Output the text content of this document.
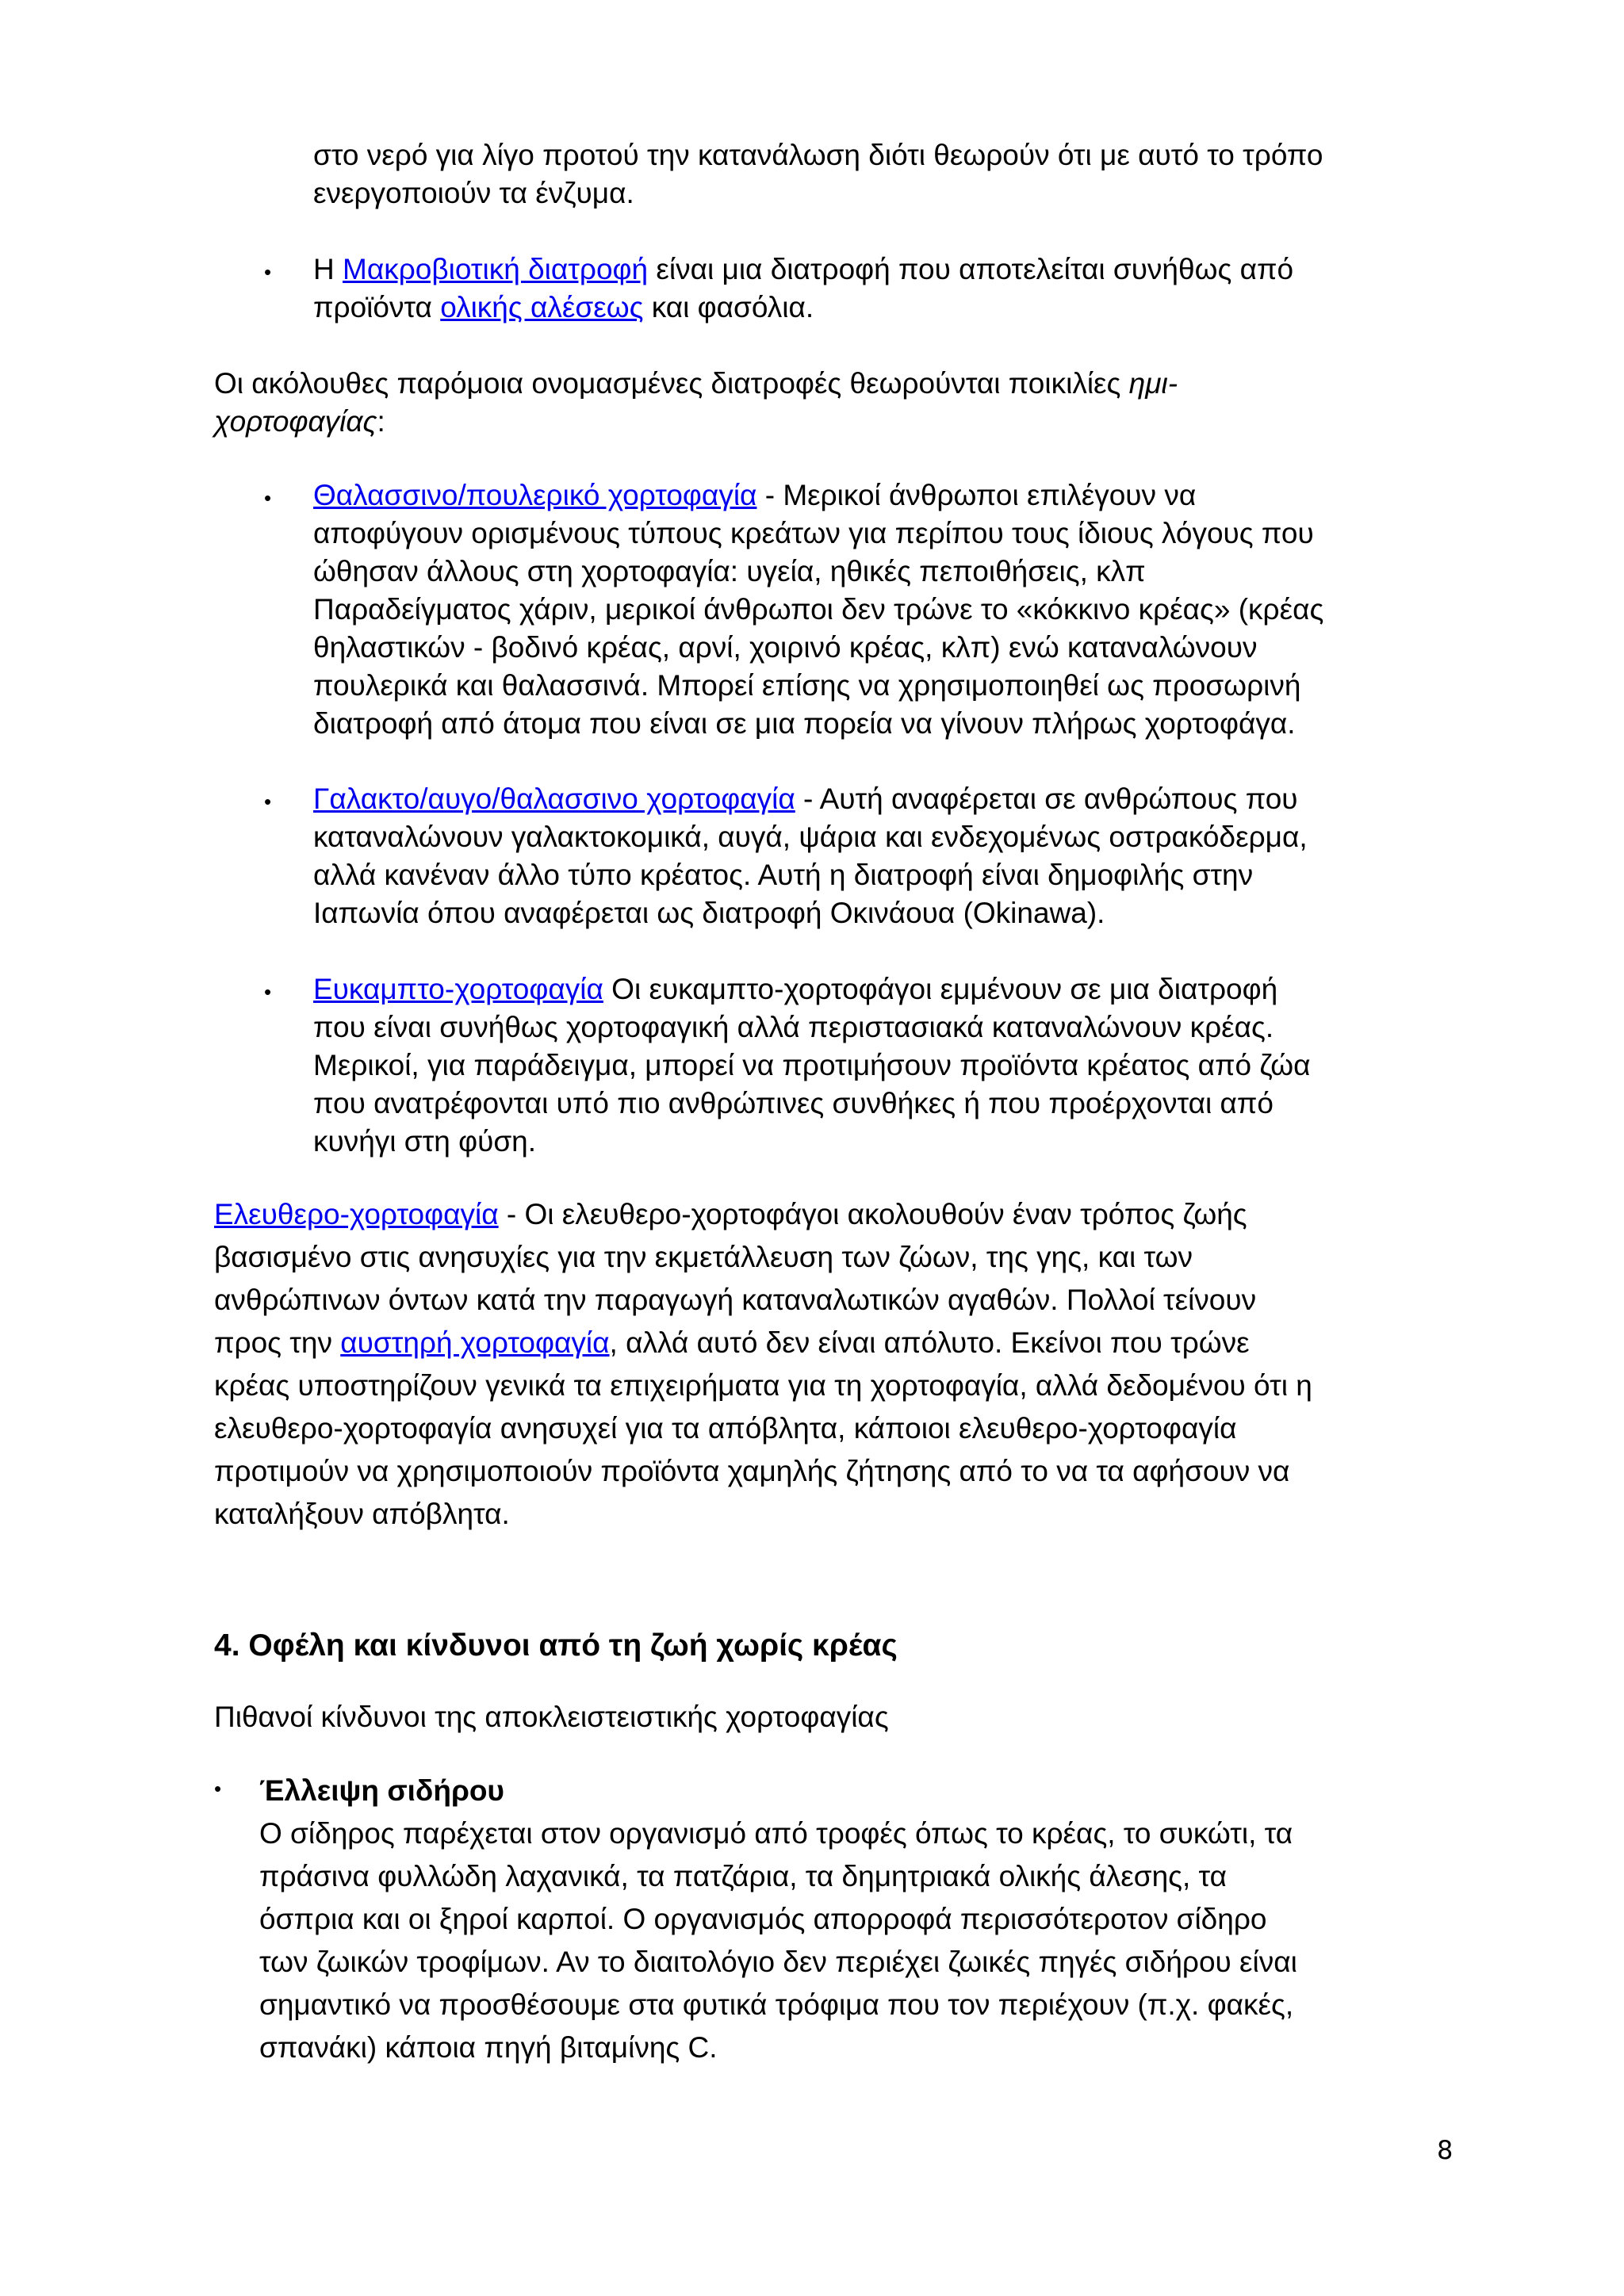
στο νερό για λίγο προτού την κατανάλωση διότι θεωρούν ότι με αυτό το τρόπο
ενεργοποιούν τα ένζυμα.
• Η Μακροβιοτική διατροφή είναι μια διατροφή που αποτελείται συνήθως από
προϊόντα ολικής αλέσεως και φασόλια.
Οι ακόλουθες παρόμοια ονομασμένες διατροφές θεωρούνται ποικιλίες ημι-
χορτοφαγίας:
• Θαλασσινο/πουλερικό χορτοφαγία - Μερικοί άνθρωποι επιλέγουν να
αποφύγουν ορισμένους τύπους κρεάτων για περίπου τους ίδιους λόγους που
ώθησαν άλλους στη χορτοφαγία: υγεία, ηθικές πεποιθήσεις, κλπ
Παραδείγματος χάριν, μερικοί άνθρωποι δεν τρώνε το «κόκκινο κρέας» (κρέας
θηλαστικών - βοδινό κρέας, αρνί, χοιρινό κρέας, κλπ) ενώ καταναλώνουν
πουλερικά και θαλασσινά. Μπορεί επίσης να χρησιμοποιηθεί ως προσωρινή
διατροφή από άτομα που είναι σε μια πορεία να γίνουν πλήρως χορτοφάγα.
• Γαλακτο/αυγο/θαλασσινο χορτοφαγία - Αυτή αναφέρεται σε ανθρώπους που
καταναλώνουν γαλακτοκομικά, αυγά, ψάρια και ενδεχομένως οστρακόδερμα,
αλλά κανέναν άλλο τύπο κρέατος. Αυτή η διατροφή είναι δημοφιλής στην
Ιαπωνία όπου αναφέρεται ως διατροφή Οκινάουα (Okinawa).
• Ευκαμπτο-χορτοφαγία Οι ευκαμπτο-χορτοφάγοι εμμένουν σε μια διατροφή
που είναι συνήθως χορτοφαγική αλλά περιστασιακά καταναλώνουν κρέας.
Μερικοί, για παράδειγμα, μπορεί να προτιμήσουν προϊόντα κρέατος από ζώα
που ανατρέφονται υπό πιο ανθρώπινες συνθήκες ή που προέρχονται από
κυνήγι στη φύση.
Ελευθερο-χορτοφαγία - Οι ελευθερο-χορτοφάγοι ακολουθούν έναν τρόπος ζωής
βασισμένο στις ανησυχίες για την εκμετάλλευση των ζώων, της γης, και των
ανθρώπινων όντων κατά την παραγωγή καταναλωτικών αγαθών. Πολλοί τείνουν
προς την αυστηρή χορτοφαγία, αλλά αυτό δεν είναι απόλυτο. Εκείνοι που τρώνε
κρέας υποστηρίζουν γενικά τα επιχειρήματα για τη χορτοφαγία, αλλά δεδομένου ότι η
ελευθερο-χορτοφαγία ανησυχεί για τα απόβλητα, κάποιοι ελευθερο-χορτοφαγία
προτιμούν να χρησιμοποιούν προϊόντα χαμηλής ζήτησης από το να τα αφήσουν να
καταλήξουν απόβλητα.
4. Οφέλη και κίνδυνοι από τη ζωή χωρίς κρέας
Πιθανοί κίνδυνοι της αποκλειστειστικής χορτοφαγίας
• Έλλειψη σιδήρου
Ο σίδηρος παρέχεται στον οργανισμό από τροφές όπως το κρέας, το συκώτι, τα
πράσινα φυλλώδη λαχανικά, τα πατζάρια, τα δημητριακά ολικής άλεσης, τα
όσπρια και οι ξηροί καρποί. Ο οργανισμός απορροφά περισσότεροτον σίδηρο
των ζωικών τροφίμων. Αν το διαιτολόγιο δεν περιέχει ζωικές πηγές σιδήρου είναι
σημαντικό να προσθέσουμε στα φυτικά τρόφιμα που τον περιέχουν (π.χ. φακές,
σπανάκι) κάποια πηγή βιταμίνης C.
8
